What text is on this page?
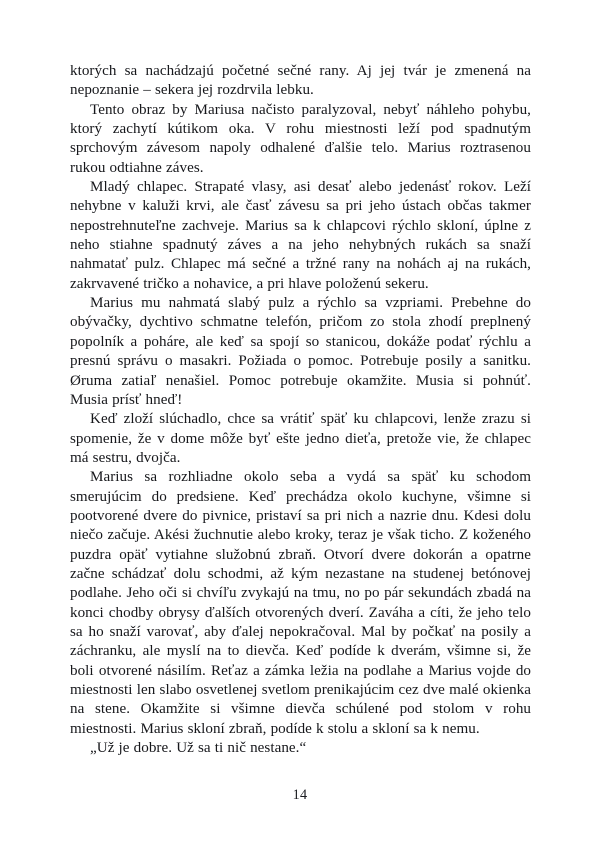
ktorých sa nachádzajú početné sečné rany. Aj jej tvár je zmenená na nepoznanie – sekera jej rozdrvila lebku.

Tento obraz by Mariusa načisto paralyzoval, nebyť náhleho pohybu, ktorý zachytí kútikom oka. V rohu miestnosti leží pod spadnutým sprchovým závesom napoly odhalené ďalšie telo. Marius roztrasenou rukou odtiahne záves.

Mladý chlapec. Strapaté vlasy, asi desať alebo jedenásť rokov. Leží nehybne v kaluži krvi, ale časť závesu sa pri jeho ústach občas takmer nepostrehnuteľne zachveje. Marius sa k chlapcovi rýchlo skloní, úplne z neho stiahne spadnutý záves a na jeho nehybných rukách sa snaží nahmatať pulz. Chlapec má sečné a tržné rany na nohách aj na rukách, zakrvavené tričko a nohavice, a pri hlave položenú sekeru.

Marius mu nahmatá slabý pulz a rýchlo sa vzpriami. Prebehne do obývačky, dychtivo schmatne telefón, pričom zo stola zhodí preplnený popolník a poháre, ale keď sa spojí so stanicou, dokáže podať rýchlu a presnú správu o masakri. Požiada o pomoc. Potrebuje posily a sanitku. Øruma zatiaľ nenašiel. Pomoc potrebuje okamžite. Musia si pohnúť. Musia prísť hneď!

Keď zloží slúchadlo, chce sa vrátiť späť ku chlapcovi, lenže zrazu si spomenie, že v dome môže byť ešte jedno dieťa, pretože vie, že chlapec má sestru, dvojča.

Marius sa rozhliadne okolo seba a vydá sa späť ku schodom smerujúcim do predsiene. Keď prechádza okolo kuchyne, všimne si pootvorené dvere do pivnice, pristaví sa pri nich a nazrie dnu. Kdesi dolu niečo začuje. Akési žuchnutie alebo kroky, teraz je však ticho. Z koženého puzdra opäť vytiahne služobnú zbraň. Otvorí dvere dokorán a opatrne začne schádzať dolu schodmi, až kým nezastane na studenej betónovej podlahe. Jeho oči si chvíľu zvykajú na tmu, no po pár sekundách zbadá na konci chodby obrysy ďalších otvorených dverí. Zaváha a cíti, že jeho telo sa ho snaží varovať, aby ďalej nepokračoval. Mal by počkať na posily a záchranku, ale myslí na to dievča. Keď podíde k dverám, všimne si, že boli otvorené násilím. Reťaz a zámka ležia na podlahe a Marius vojde do miestnosti len slabo osvetlenej svetlom prenikajúcim cez dve malé okienka na stene. Okamžite si všimne dievča schúlené pod stolom v rohu miestnosti. Marius skloní zbraň, podíde k stolu a skloní sa k nemu.

„Už je dobre. Už sa ti nič nestane.“

14
